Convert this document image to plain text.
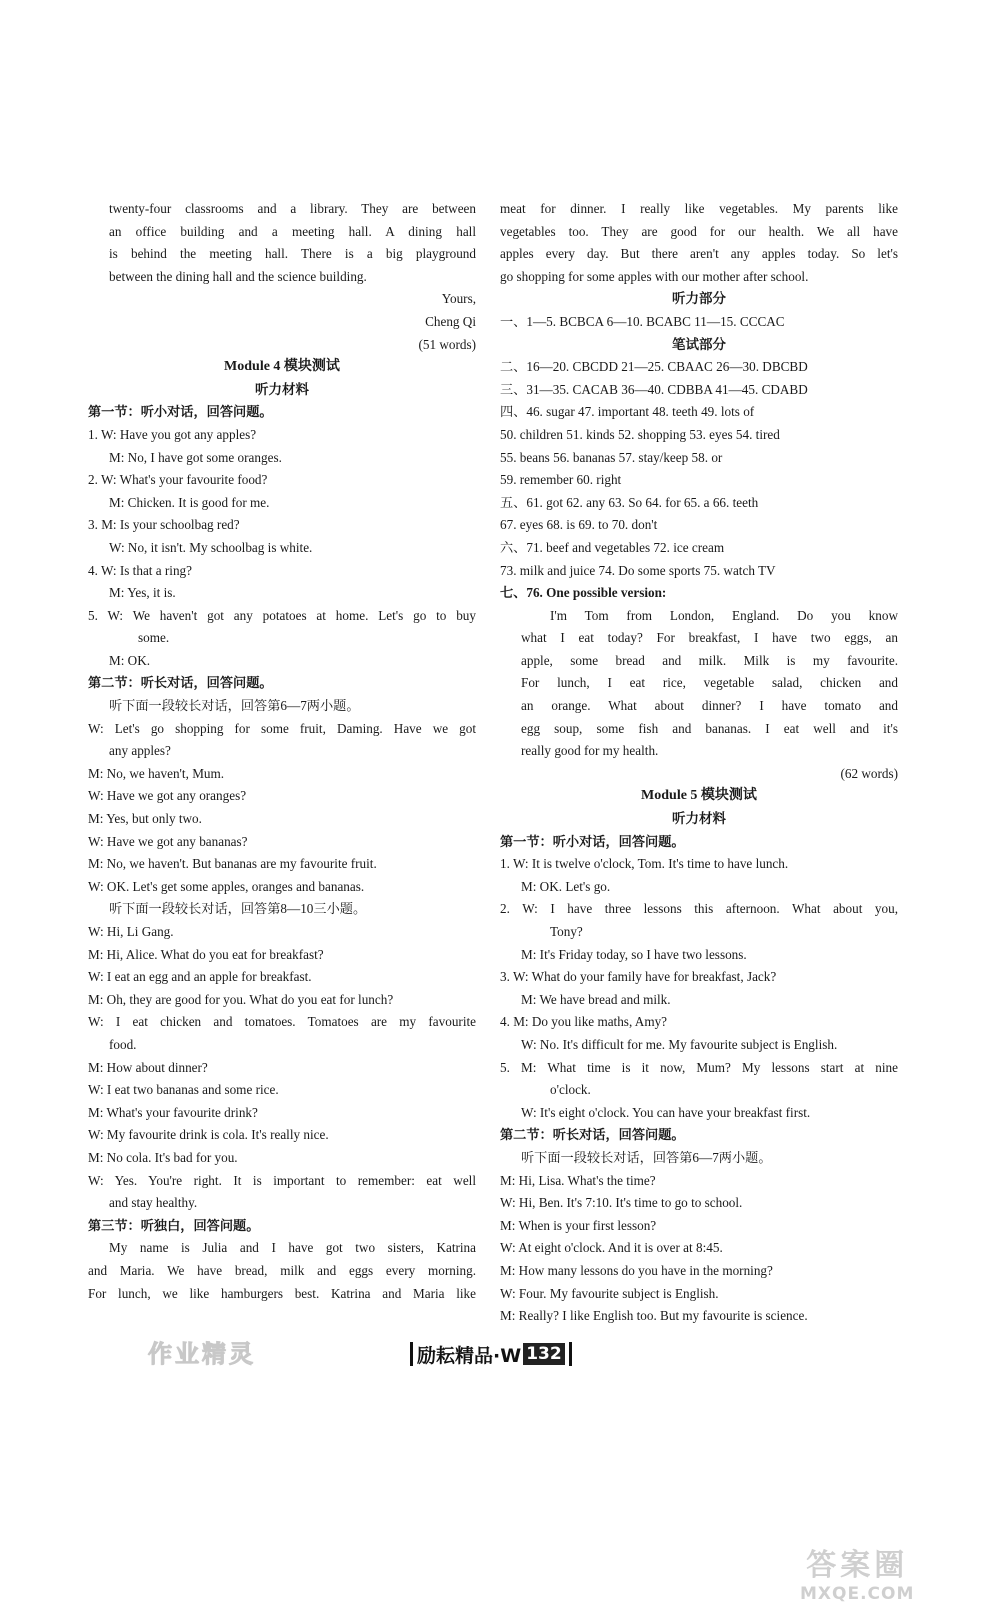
twenty-four classrooms and a library. They are between
an office building and a meeting hall. A dining hall
is behind the meeting hall. There is a big playground
between the dining hall and the science building.
Yours,
Cheng Qi
(51 words)
Module 4 模块测试
听力材料
第一节：听小对话，回答问题。
1. W: Have you got any apples?
M: No, I have got some oranges.
2. W: What's your favourite food?
M: Chicken. It is good for me.
3. M: Is your schoolbag red?
W: No, it isn't. My schoolbag is white.
4. W: Is that a ring?
M: Yes, it is.
5. W: We haven't got any potatoes at home. Let's go to buy
some.
M: OK.
第二节：听长对话，回答问题。
听下面一段较长对话，回答第6—7两小题。
W: Let's go shopping for some fruit, Daming. Have we got
any apples?
M: No, we haven't, Mum.
W: Have we got any oranges?
M: Yes, but only two.
W: Have we got any bananas?
M: No, we haven't. But bananas are my favourite fruit.
W: OK. Let's get some apples, oranges and bananas.
听下面一段较长对话，回答第8—10三小题。
W: Hi, Li Gang.
M: Hi, Alice. What do you eat for breakfast?
W: I eat an egg and an apple for breakfast.
M: Oh, they are good for you. What do you eat for lunch?
W: I eat chicken and tomatoes. Tomatoes are my favourite
food.
M: How about dinner?
W: I eat two bananas and some rice.
M: What's your favourite drink?
W: My favourite drink is cola. It's really nice.
M: No cola. It's bad for you.
W: Yes. You're right. It is important to remember: eat well
and stay healthy.
第三节：听独白，回答问题。
My name is Julia and I have got two sisters, Katrina
and Maria. We have bread, milk and eggs every morning.
For lunch, we like hamburgers best. Katrina and Maria like
meat for dinner. I really like vegetables. My parents like
vegetables too. They are good for our health. We all have
apples every day. But there aren't any apples today. So let's
go shopping for some apples with our mother after school.
听力部分
一、1—5. BCBCA 6—10. BCABC 11—15. CCCAC
笔试部分
二、16—20. CBCDD 21—25. CBAAC 26—30. DBCBD
三、31—35. CACAB 36—40. CDBBA 41—45. CDABD
四、46. sugar 47. important 48. teeth 49. lots of
50. children 51. kinds 52. shopping 53. eyes 54. tired
55. beans 56. bananas 57. stay/keep 58. or
59. remember 60. right
五、61. got 62. any 63. So 64. for 65. a 66. teeth
67. eyes 68. is 69. to 70. don't
六、71. beef and vegetables 72. ice cream
73. milk and juice 74. Do some sports 75. watch TV
七、76. One possible version:
I'm Tom from London, England. Do you know
what I eat today? For breakfast, I have two eggs, an
apple, some bread and milk. Milk is my favourite.
For lunch, I eat rice, vegetable salad, chicken and
an orange. What about dinner? I have tomato and
egg soup, some fish and bananas. I eat well and it's
really good for my health.
(62 words)
Module 5 模块测试
听力材料
第一节：听小对话，回答问题。
1. W: It is twelve o'clock, Tom. It's time to have lunch.
M: OK. Let's go.
2. W: I have three lessons this afternoon. What about you,
Tony?
M: It's Friday today, so I have two lessons.
3. W: What do your family have for breakfast, Jack?
M: We have bread and milk.
4. M: Do you like maths, Amy?
W: No. It's difficult for me. My favourite subject is English.
5. M: What time is it now, Mum? My lessons start at nine
o'clock.
W: It's eight o'clock. You can have your breakfast first.
第二节：听长对话，回答问题。
听下面一段较长对话，回答第6—7两小题。
M: Hi, Lisa. What's the time?
W: Hi, Ben. It's 7:10. It's time to go to school.
M: When is your first lesson?
W: At eight o'clock. And it is over at 8:45.
M: How many lessons do you have in the morning?
W: Four. My favourite subject is English.
M: Really? I like English too. But my favourite is science.
作业精灵	励耘精品·W 132
答案圈
MXQE.COM
